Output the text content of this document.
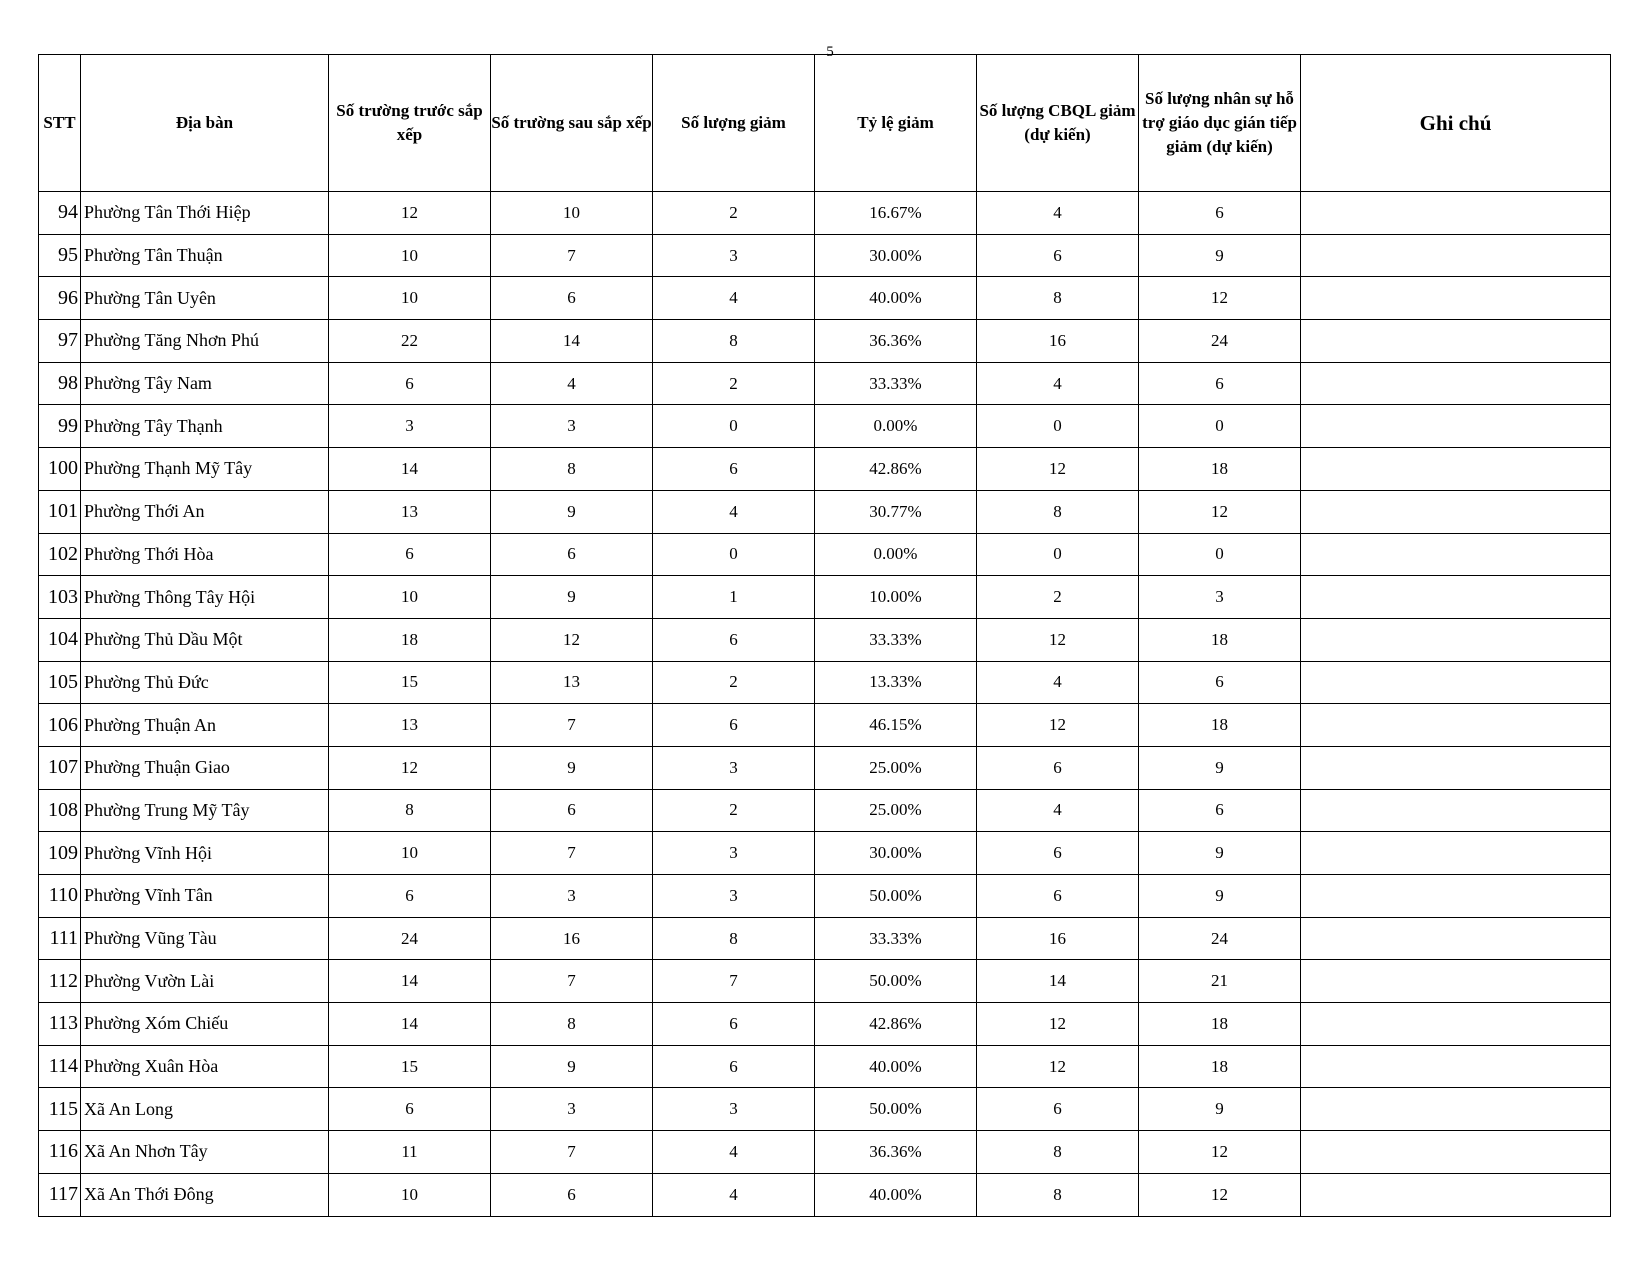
5
STT	Địa bàn	Số trường trước sắp xếp	Số trường sau sắp xếp	Số lượng giảm	Tỷ lệ giảm	Số lượng CBQL giảm (dự kiến)	Số lượng nhân sự hỗ trợ giáo dục gián tiếp giảm (dự kiến)	Ghi chú
94	Phường Tân Thới Hiệp	12	10	2	16.67%	4	6	
95	Phường Tân Thuận	10	7	3	30.00%	6	9	
96	Phường Tân Uyên	10	6	4	40.00%	8	12	
97	Phường Tăng Nhơn Phú	22	14	8	36.36%	16	24	
98	Phường Tây Nam	6	4	2	33.33%	4	6	
99	Phường Tây Thạnh	3	3	0	0.00%	0	0	
100	Phường Thạnh Mỹ Tây	14	8	6	42.86%	12	18	
101	Phường Thới An	13	9	4	30.77%	8	12	
102	Phường Thới Hòa	6	6	0	0.00%	0	0	
103	Phường Thông Tây Hội	10	9	1	10.00%	2	3	
104	Phường Thủ Dầu Một	18	12	6	33.33%	12	18	
105	Phường Thủ Đức	15	13	2	13.33%	4	6	
106	Phường Thuận An	13	7	6	46.15%	12	18	
107	Phường Thuận Giao	12	9	3	25.00%	6	9	
108	Phường Trung Mỹ Tây	8	6	2	25.00%	4	6	
109	Phường Vĩnh Hội	10	7	3	30.00%	6	9	
110	Phường Vĩnh Tân	6	3	3	50.00%	6	9	
111	Phường Vũng Tàu	24	16	8	33.33%	16	24	
112	Phường Vườn Lài	14	7	7	50.00%	14	21	
113	Phường Xóm Chiếu	14	8	6	42.86%	12	18	
114	Phường Xuân Hòa	15	9	6	40.00%	12	18	
115	Xã An Long	6	3	3	50.00%	6	9	
116	Xã An Nhơn Tây	11	7	4	36.36%	8	12	
117	Xã An Thới Đông	10	6	4	40.00%	8	12	
